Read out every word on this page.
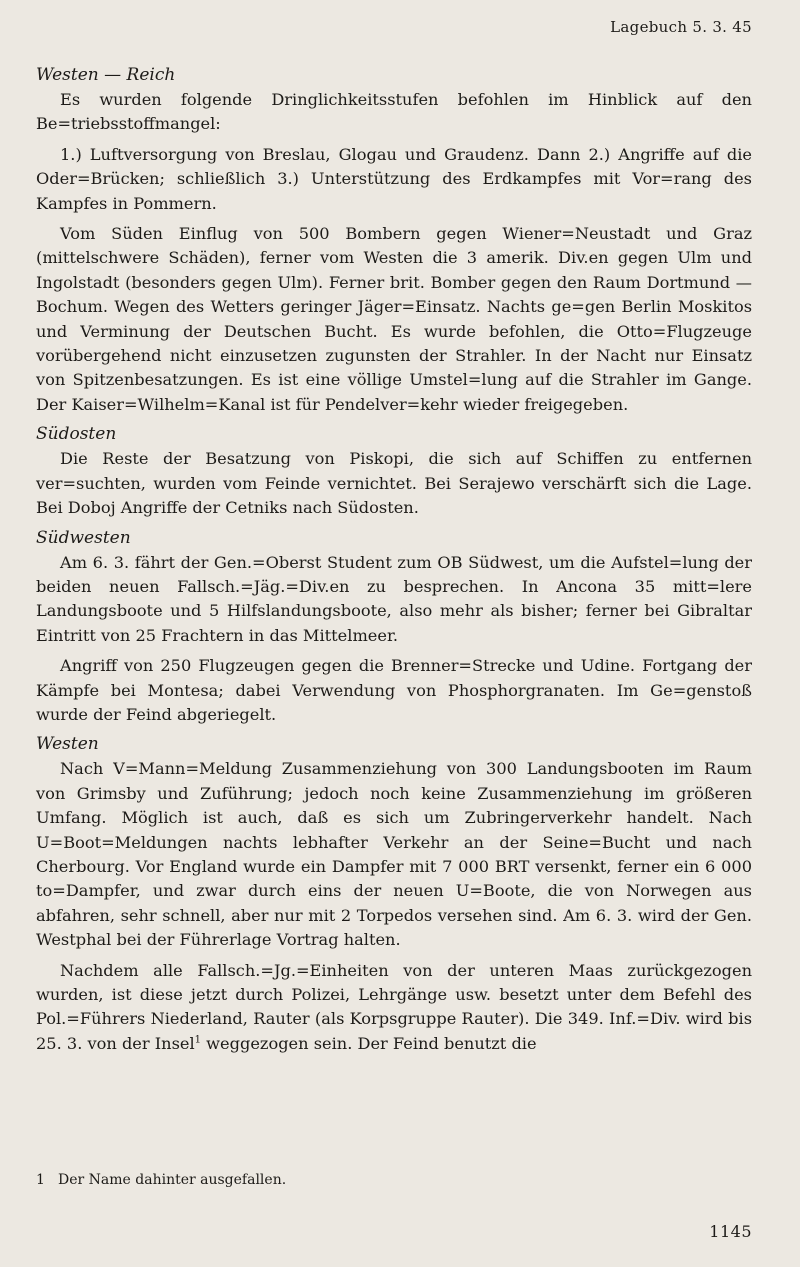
Lagebuch 5. 3. 45
Westen — Reich

Es wurden folgende Dringlichkeitsstufen befohlen im Hinblick auf den Be=triebsstoffmangel:

1.) Luftversorgung von Breslau, Glogau und Graudenz. Dann 2.) Angriffe auf die Oder=Brücken; schließlich 3.) Unterstützung des Erdkampfes mit Vor=rang des Kampfes in Pommern.

Vom Süden Einflug von 500 Bombern gegen Wiener=Neustadt und Graz (mittelschwere Schäden), ferner vom Westen die 3 amerik. Div.en gegen Ulm und Ingolstadt (besonders gegen Ulm). Ferner brit. Bomber gegen den Raum Dortmund — Bochum. Wegen des Wetters geringer Jäger=Einsatz. Nachts ge=gen Berlin Moskitos und Verminung der Deutschen Bucht. Es wurde befohlen, die Otto=Flugzeuge vorübergehend nicht einzusetzen zugunsten der Strahler. In der Nacht nur Einsatz von Spitzenbesatzungen. Es ist eine völlige Umstel=lung auf die Strahler im Gange. Der Kaiser=Wilhelm=Kanal ist für Pendelver=kehr wieder freigegeben.

Südosten

Die Reste der Besatzung von Piskopi, die sich auf Schiffen zu entfernen ver=suchten, wurden vom Feinde vernichtet. Bei Serajewo verschärft sich die Lage. Bei Doboj Angriffe der Cetniks nach Südosten.

Südwesten

Am 6. 3. fährt der Gen.=Oberst Student zum OB Südwest, um die Aufstel=lung der beiden neuen Fallsch.=Jäg.=Div.en zu besprechen. In Ancona 35 mitt=lere Landungsboote und 5 Hilfslandungsboote, also mehr als bisher; ferner bei Gibraltar Eintritt von 25 Frachtern in das Mittelmeer.

Angriff von 250 Flugzeugen gegen die Brenner=Strecke und Udine. Fortgang der Kämpfe bei Montesa; dabei Verwendung von Phosphorgranaten. Im Ge=genstoß wurde der Feind abgeriegelt.

Westen

Nach V=Mann=Meldung Zusammenziehung von 300 Landungsbooten im Raum von Grimsby und Zuführung; jedoch noch keine Zusammenziehung im größeren Umfang. Möglich ist auch, daß es sich um Zubringerverkehr handelt. Nach U=Boot=Meldungen nachts lebhafter Verkehr an der Seine=Bucht und nach Cherbourg. Vor England wurde ein Dampfer mit 7 000 BRT versenkt, ferner ein 6 000 to=Dampfer, und zwar durch eins der neuen U=Boote, die von Norwegen aus abfahren, sehr schnell, aber nur mit 2 Torpedos versehen sind. Am 6. 3. wird der Gen. Westphal bei der Führerlage Vortrag halten.

Nachdem alle Fallsch.=Jg.=Einheiten von der unteren Maas zurückgezogen wurden, ist diese jetzt durch Polizei, Lehrgänge usw. besetzt unter dem Befehl des Pol.=Führers Niederland, Rauter (als Korpsgruppe Rauter). Die 349. Inf.=Div. wird bis 25. 3. von der Insel$^1$ weggezogen sein. Der Feind benutzt die

1 Der Name dahinter ausgefallen.
1145
